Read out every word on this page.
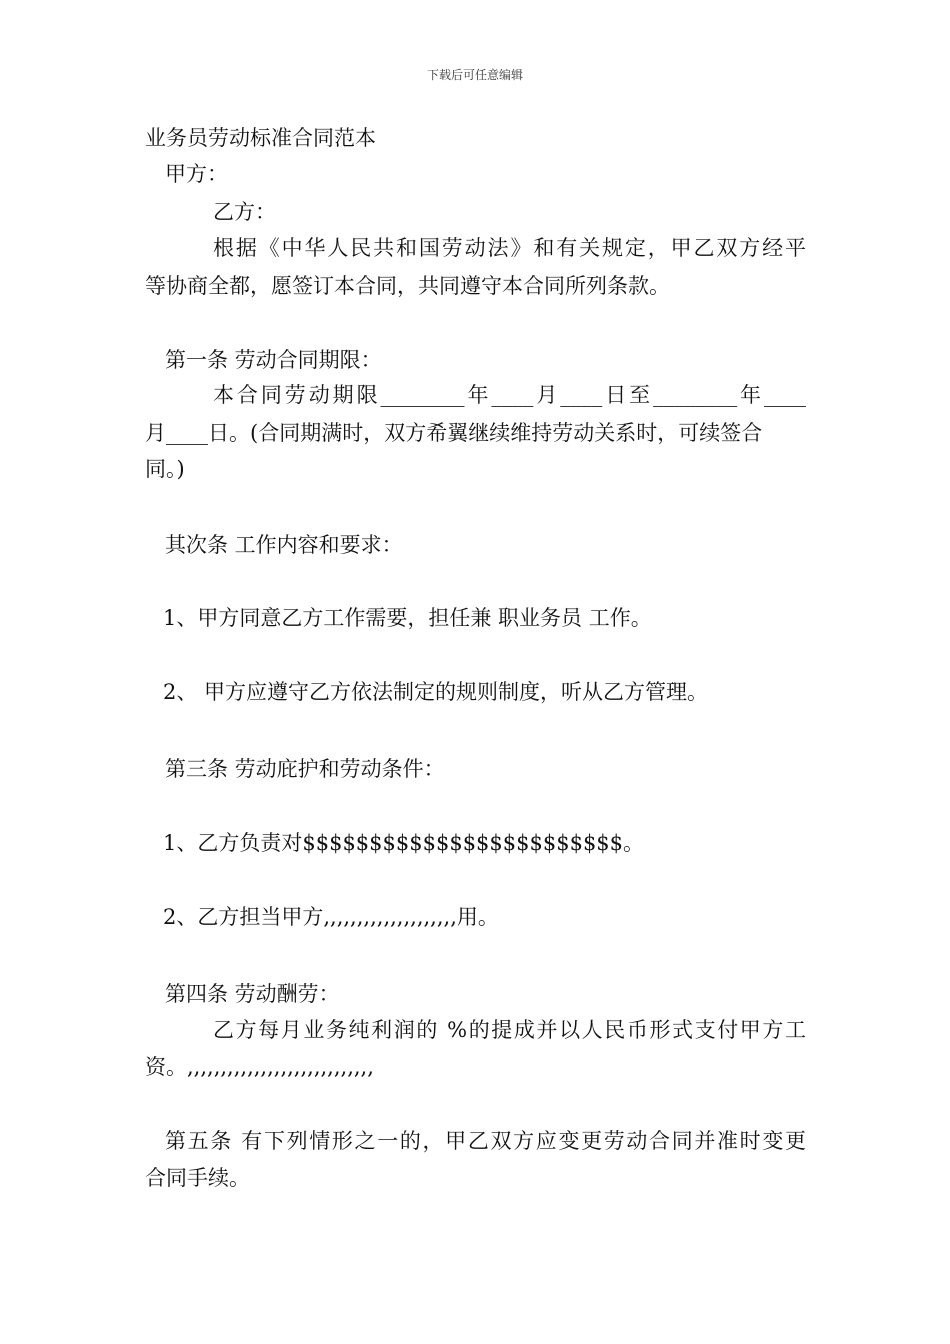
下载后可任意编辑
业务员劳动标准合同范本
甲方：
乙方：
根据《中华人民共和国劳动法》和有关规定，甲乙双方经平
等协商全都，愿签订本合同，共同遵守本合同所列条款。
第一条 劳动合同期限：
本合同劳动期限________年____月____日至________年____
月____日。(合同期满时，双方希翼继续维持劳动关系时，可续签合
同。)
其次条 工作内容和要求：
1、甲方同意乙方工作需要，担任兼 职业务员 工作。
2、 甲方应遵守乙方依法制定的规则制度，听从乙方管理。
第三条 劳动庇护和劳动条件：
1、乙方负责对$$$$$$$$$$$$$$$$$$$$$$$$。
2、乙方担当甲方,,,,,,,,,,,,,,,,,,,,用。
第四条 劳动酬劳：
乙方每月业务纯利润的 %的提成并以人民币形式支付甲方工
资。,,,,,,,,,,,,,,,,,,,,,,,,,,,,
第五条 有下列情形之一的，甲乙双方应变更劳动合同并准时变更
合同手续。
